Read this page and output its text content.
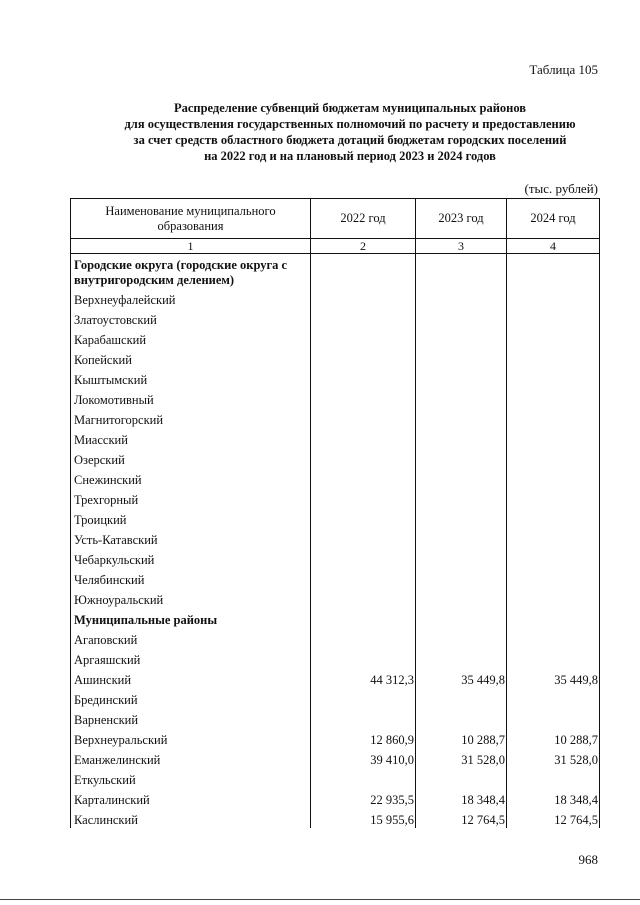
Таблица 105
Распределение субвенций бюджетам муниципальных районов
для осуществления государственных полномочий по расчету и предоставлению
за счет средств областного бюджета дотаций бюджетам городских поселений
на 2022 год и на плановый период 2023 и 2024 годов
(тыс. рублей)
Наименование муниципального образования	2022 год	2023 год	2024 год
1	2	3	4
Городские округа (городские округа с внутригородским делением)			
Верхнеуфалейский			
Златоустовский			
Карабашский			
Копейский			
Кыштымский			
Локомотивный			
Магнитогорский			
Миасский			
Озерский			
Снежинский			
Трехгорный			
Троицкий			
Усть-Катавский			
Чебаркульский			
Челябинский			
Южноуральский			
Муниципальные районы			
Агаповский			
Аргаяшский			
Ашинский	44 312,3	35 449,8	35 449,8
Брединский			
Варненский			
Верхнеуральский	12 860,9	10 288,7	10 288,7
Еманжелинский	39 410,0	31 528,0	31 528,0
Еткульский			
Карталинский	22 935,5	18 348,4	18 348,4
Каслинский	15 955,6	12 764,5	12 764,5
968
